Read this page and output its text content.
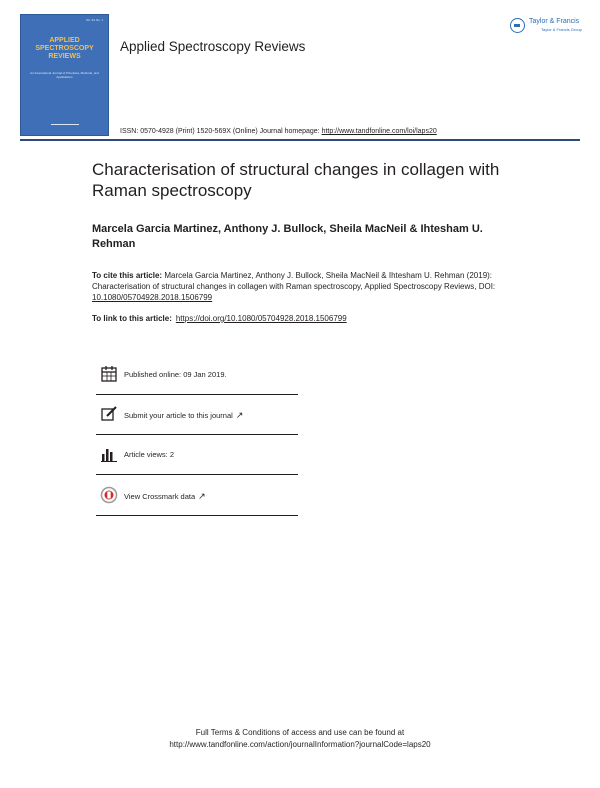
Vol. 54 No. 1
APPLIED
SPECTROSCOPY
REVIEWS
An International Journal of Principles, Methods, and Applications
Applied Spectroscopy Reviews
ISSN: 0570-4928 (Print) 1520-569X (Online) Journal homepage: http://www.tandfonline.com/loi/laps20
Taylor & Francis
Taylor & Francis Group
Characterisation of structural changes in collagen with Raman spectroscopy
Marcela Garcia Martinez, Anthony J. Bullock, Sheila MacNeil & Ihtesham U. Rehman
To cite this article: Marcela Garcia Martinez, Anthony J. Bullock, Sheila MacNeil & Ihtesham U. Rehman (2019): Characterisation of structural changes in collagen with Raman spectroscopy, Applied Spectroscopy Reviews, DOI: 10.1080/05704928.2018.1506799
To link to this article: https://doi.org/10.1080/05704928.2018.1506799
Published online: 09 Jan 2019.
Submit your article to this journal ↗
Article views: 2
View Crossmark data ↗
Full Terms & Conditions of access and use can be found at
http://www.tandfonline.com/action/journalInformation?journalCode=laps20
